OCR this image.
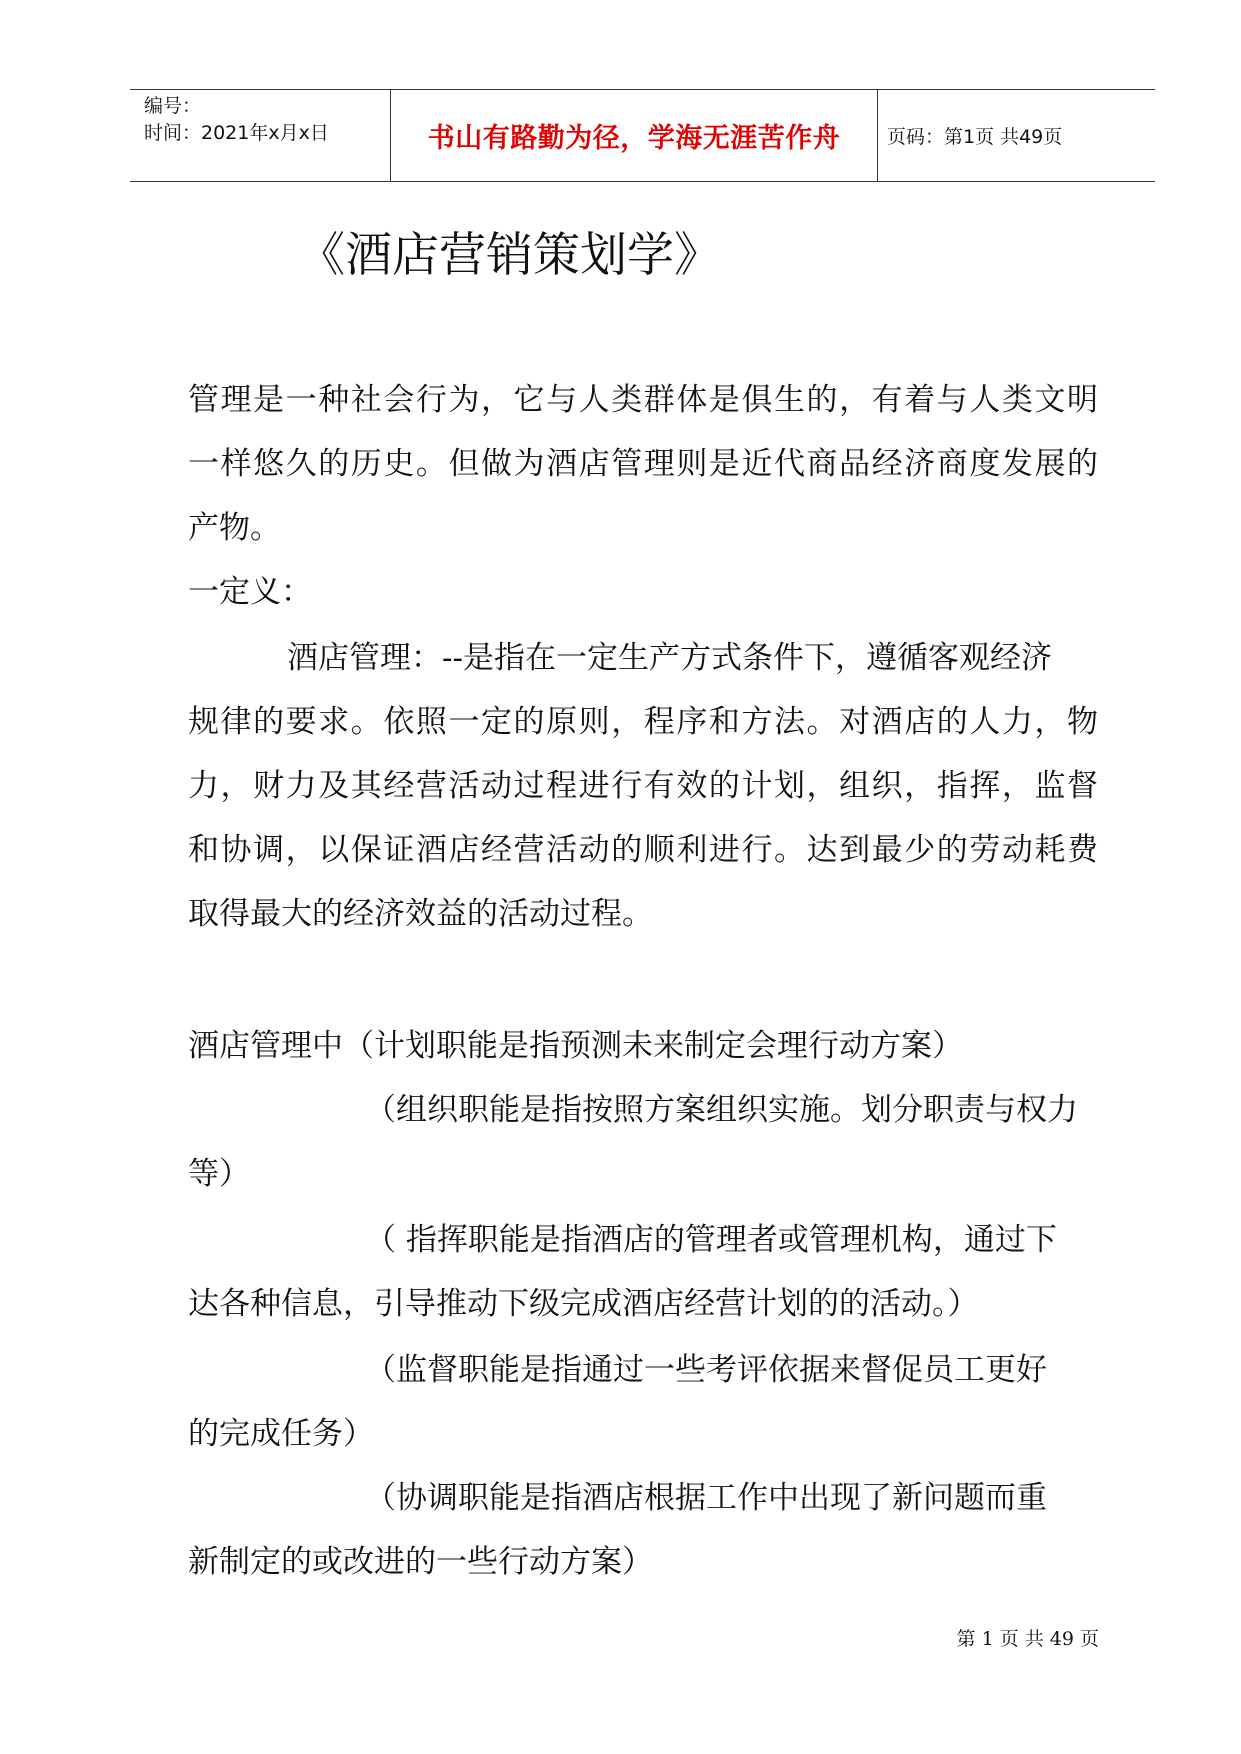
编号：
时间：2021年x月x日	书山有路勤为径，学海无涯苦作舟	页码：第1页 共49页
《酒店营销策划学》
管理是一种社会行为，它与人类群体是俱生的，有着与人类文明
一样悠久的历史。但做为酒店管理则是近代商品经济商度发展的
产物。
一定义：
酒店管理：--是指在一定生产方式条件下，遵循客观经济
规律的要求。依照一定的原则，程序和方法。对酒店的人力，物
力，财力及其经营活动过程进行有效的计划，组织，指挥，监督
和协调，以保证酒店经营活动的顺利进行。达到最少的劳动耗费
取得最大的经济效益的活动过程。
酒店管理中（计划职能是指预测未来制定会理行动方案）
（组织职能是指按照方案组织实施。划分职责与权力
等）
（ 指挥职能是指酒店的管理者或管理机构，通过下
达各种信息，引导推动下级完成酒店经营计划的的活动。）
（监督职能是指通过一些考评依据来督促员工更好
的完成任务）
（协调职能是指酒店根据工作中出现了新问题而重
新制定的或改进的一些行动方案）
第 1 页 共 49 页
